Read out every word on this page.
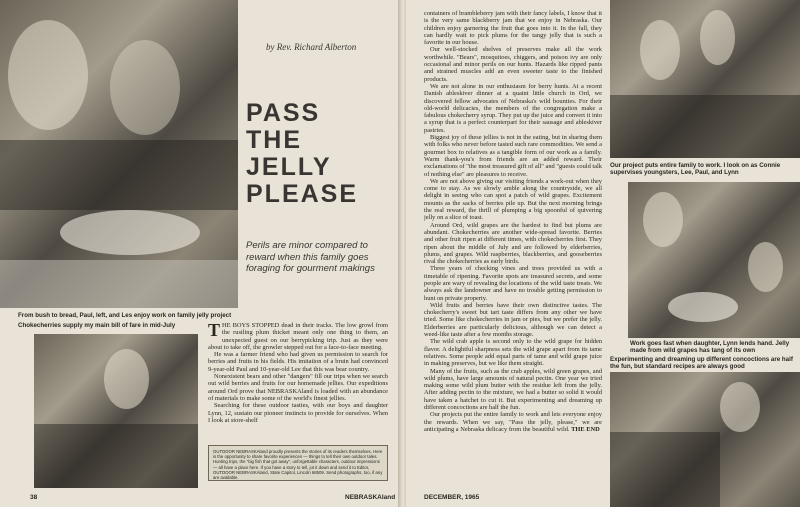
by Rev. Richard Alberton
PASS
THE
JELLY
PLEASE
Perils are minor compared to reward when this family goes foraging for gourment makings
From bush to bread, Paul, left, and Les enjoy work on family jelly project
Chokecherries supply my main bill of fare in mid-July	THE BOYS STOPPED dead in their tracks. The low growl from the rustling plum thicket meant only one thing to them, an unexpected guest on our berrypicking trip. Just as they were about to take off, the growler stepped out for a face-to-face meeting.

He was a farmer friend who had given us permission to search for berries and fruits in his fields. His imitation of a bruin had convinced 9-year-old Paul and 10-year-old Lee that this was bear country.

Nonexistent bears and other "dangers" fill our trips when we search out wild berries and fruits for our homemade jellies. Our expeditions around Ord prove that NEBRASKAland is loaded with an abundance of materials to make some of the world's finest jellies.

Searching for these outdoor tasties, with our boys and daughter Lynn, 12, sustain our pioneer instincts to provide for ourselves. When I look at store-shelf

OUTDOOR NEBRASKAland proudly presents the stories of its readers themselves. Here is the opportunity to share favorite experiences — things to tell their own outdoor tales. Hunting trips, the "big fish that got away", unforgettable characters, outdoor impressions — all have a place here. If you have a story to tell, jot it down and send it to Editor, OUTDOOR NEBRASKAland, State Capitol, Lincoln 68509. Send photographs, too, if any are available.
38	NEBRASKAland

containers of brambleberry jam with their fancy labels, I know that it is the very same blackberry jam that we enjoy in Nebraska. Our children enjoy garnering the fruit that goes into it. In the fall, they can hardly wait to pick plums for the tangy jelly that is such a favorite in our house.

Our well-stocked shelves of preserves make all the work worthwhile. "Bears", mosquitoes, chiggers, and poison ivy are only occasional and minor perils on our hunts. Hazards like ripped pants and strained muscles add an even sweeter taste to the finished products.

We are not alone in our enthusiasm for berry hunts. At a recent Danish ableskiver dinner at a quaint little church in Ord, we discovered fellow advocates of Nebraska's wild bounties. For their old-world delicacies, the members of the congregation make a fabulous chokecherry syrup. They put up the juice and convert it into a syrup that is a perfect counterpart for their sausage and ableskiver pastries.

Biggest joy of these jellies is not in the eating, but in sharing them with folks who never before tasted such rare commodities. We send a gourmet box to relatives as a tangible form of our work as a family. Warm thank-you's from friends are an added reward. Their exclamations of "the most treasured gift of all" and "guests could talk of nothing else" are pleasures to receive.

We are not above giving our visiting friends a work-out when they come to stay. As we slowly amble along the countryside, we all delight in seeing who can spot a patch of wild grapes. Excitement mounts as the sacks of berries pile up. But the next morning brings the real reward, the thrill of plumping a big spoonful of quivering jelly on a slice of toast.

Around Ord, wild grapes are the hardest to find but plums are abundant. Chokecherries are another wide-spread favorite. Berries and other fruit ripen at different times, with chokecherries first. They ripen about the middle of July and are followed by elderberries, plums, and grapes. Wild raspberries, blackberries, and gooseberries rival the chokecherries as early birds.

Three years of checking vines and trees provided us with a timetable of ripening. Favorite spots are treasured secrets, and some people are wary of revealing the locations of the wild taste treats. We always ask the landowner and have no trouble getting permission to hunt on private property.

Wild fruits and berries have their own distinctive tastes. The chokecherry's sweet but tart taste differs from any other we have tried. Some like chokecherries in jam or pies, but we prefer the jelly. Elderberries are particularly delicious, although we can detect a weed-like taste after a few months storage.

The wild crab apple is second only to the wild grape for hidden flavor. A delightful sharpness sets the wild grape apart from its tame relatives. Some people add equal parts of tame and wild grape juice in making preserves, but we like them straight.

Many of the fruits, such as the crab apples, wild green grapes, and wild plums, have large amounts of natural pectin. One year we tried making some wild plum butter with the residue left from the jelly. After adding pectin to the mixture, we had a butter so solid it would have taken a hatchet to cut it. But experimenting and dreaming up different concoctions are half the fun.

Our projects put the entire family to work and lets everyone enjoy the rewards. When we say, "Pass the jelly, please," we are anticipating a Nebraska delicacy from the beautiful wild. THE END

Our project puts entire family to work. I look on as Connie supervises youngsters, Lee, Paul, and Lynn
Work goes fast when daughter, Lynn lends hand. Jelly made from wild grapes has tang of its own
Experimenting and dreaming up different concoctions are half the fun, but standard recipes are always good
DECEMBER, 1965
